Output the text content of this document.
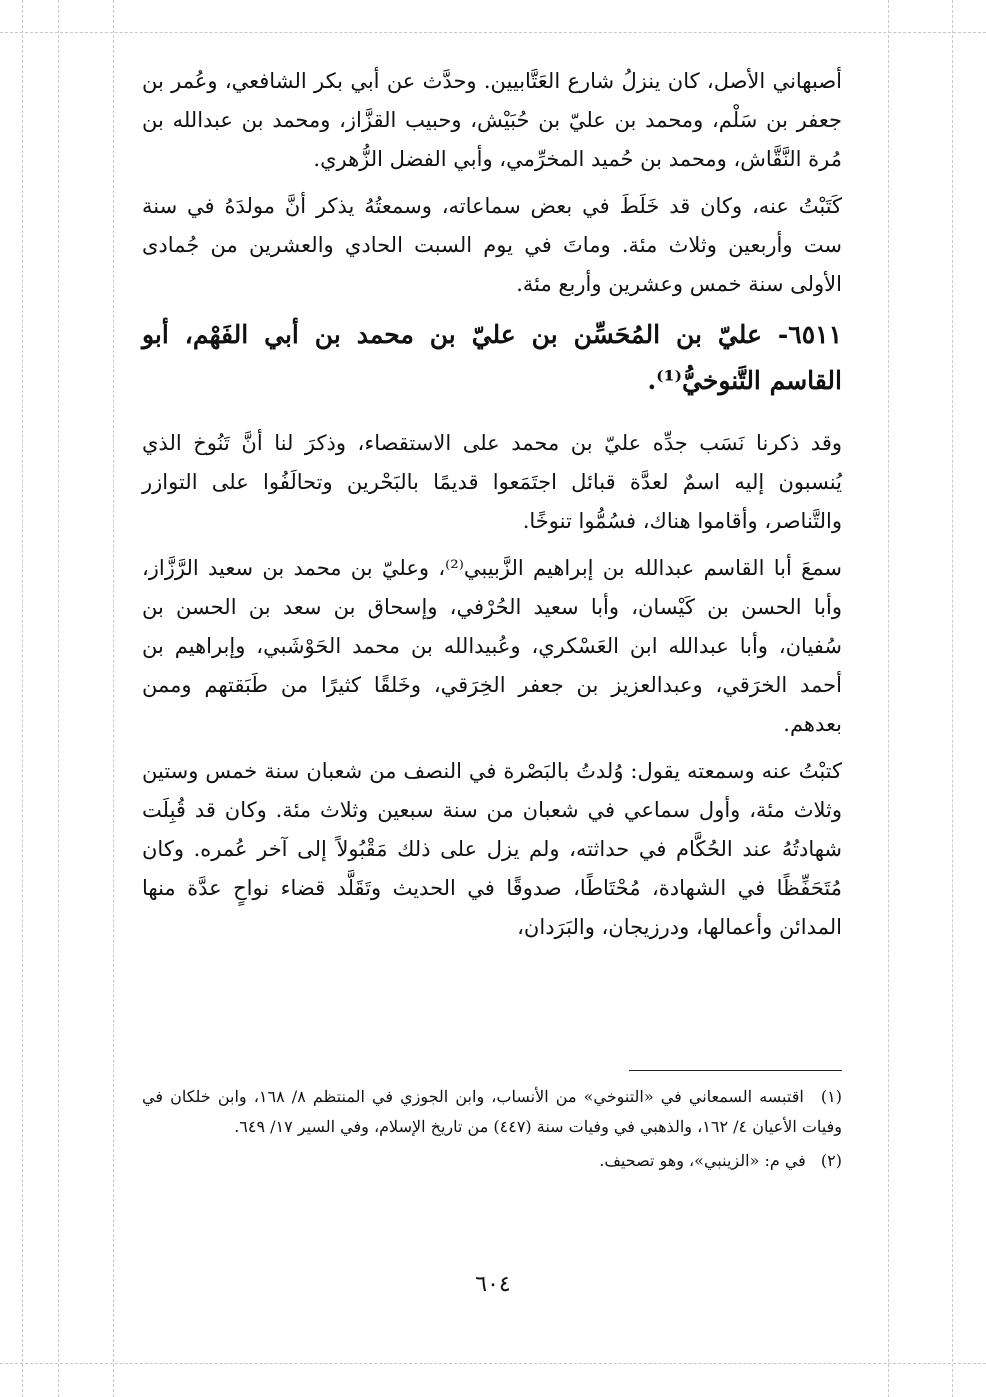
أصبهاني الأصل، كان ينزلُ شارع العَتَّابيين. وحدَّث عن أبي بكر الشافعي، وعُمر بن جعفر بن سَلْم، ومحمد بن عليّ بن حُبَيْش، وحبيب القزَّاز، ومحمد بن عبدالله بن مُرة النَّقَّاش، ومحمد بن حُميد المخرِّمي، وأبي الفضل الزُّهري.

كَتَبْتُ عنه، وكان قد خَلَطَ في بعض سماعاته، وسمعتُهُ يذكر أنَّ مولدَهُ في سنة ست وأربعين وثلاث مئة. وماتَ في يوم السبت الحادي والعشرين من جُمادى الأولى سنة خمس وعشرين وأربع مئة.

٦٥١١- عليّ بن المُحَسِّن بن عليّ بن محمد بن أبي الفَهْم، أبو القاسم التَّنوخيُّ⁽¹⁾.

وقد ذكرنا نَسَب جدِّه عليّ بن محمد على الاستقصاء، وذكرَ لنا أنَّ تَنُوخ الذي يُنسبون إليه اسمٌ لعدَّة قبائل اجتَمَعوا قديمًا بالبَحْرين وتحالَفُوا على التوازر والتَّناصر، وأقاموا هناك، فسُمُّوا تنوخًا.

سمعَ أبا القاسم عبدالله بن إبراهيم الزَّبيبي⁽²⁾، وعليّ بن محمد بن سعيد الرَّزَّاز، وأبا الحسن بن كَيْسان، وأبا سعيد الحُرْفي، وإسحاق بن سعد بن الحسن بن سُفيان، وأبا عبدالله ابن العَسْكري، وعُبيدالله بن محمد الحَوْشَبي، وإبراهيم بن أحمد الخرَقي، وعبدالعزيز بن جعفر الخِرَقي، وخَلقًا كثيرًا من طَبَقتهم وممن بعدهم.

كتبْتُ عنه وسمعته يقول: وُلدتُ بالبَصْرة في النصف من شعبان سنة خمس وستين وثلاث مئة، وأول سماعي في شعبان من سنة سبعين وثلاث مئة. وكان قد قُبِلَت شهادتُهُ عند الحُكَّام في حداثته، ولم يزل على ذلك مَقْبُولاً إلى آخر عُمره. وكان مُتَحَفِّظًا في الشهادة، مُحْتَاطًا، صدوقًا في الحديث وتَقَلَّد قضاء نواحٍ عدَّة منها المدائن وأعمالها، ودرزيجان، والبَرَدان،

(١) اقتبسه السمعاني في «التنوخي» من الأنساب، وابن الجوزي في المنتظم ٨/ ١٦٨، وابن خلكان في وفيات الأعيان ٤/ ١٦٢، والذهبي في وفيات سنة (٤٤٧) من تاريخ الإسلام، وفي السير ١٧/ ٦٤٩.

(٢) في م: «الزينبي»، وهو تصحيف.

٦٠٤
